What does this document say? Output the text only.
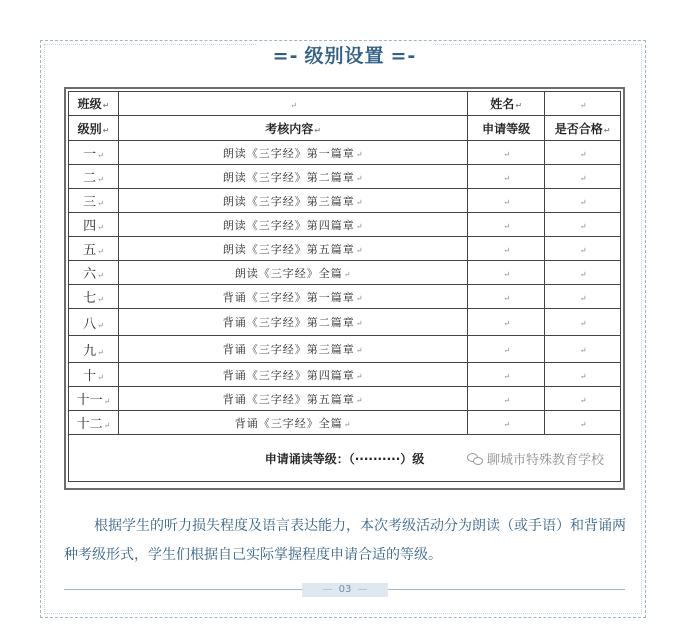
=- 级别设置 =-
班级↵	↵	姓名↵	↵
级别↵	考核内容↵	申请等级	是否合格↵
一↵	朗读《三字经》第一篇章↵	↵	↵
二↵	朗读《三字经》第二篇章↵	↵	↵
三↵	朗读《三字经》第三篇章↵	↵	↵
四↵	朗读《三字经》第四篇章↵	↵	↵
五↵	朗读《三字经》第五篇章↵	↵	↵
六↵	朗读《三字经》全篇↵	↵	↵
七↵	背诵《三字经》第一篇章↵	↵	↵
八↵	背诵《三字经》第二篇章↵	↵	↵
九↵	背诵《三字经》第三篇章↵	↵	↵
十↵	背诵《三字经》第四篇章↵	↵	↵
十一↵	背诵《三字经》第五篇章↵	↵	↵
十二↵	背诵《三字经》全篇↵	↵	↵
申请诵读等级：（··········）级 聊城市特殊教育学校			
根据学生的听力损失程度及语言表达能力，本次考级活动分为朗读（或手语）和背诵两种考级形式，学生们根据自己实际掌握程度申请合适的等级。
— 03 —
